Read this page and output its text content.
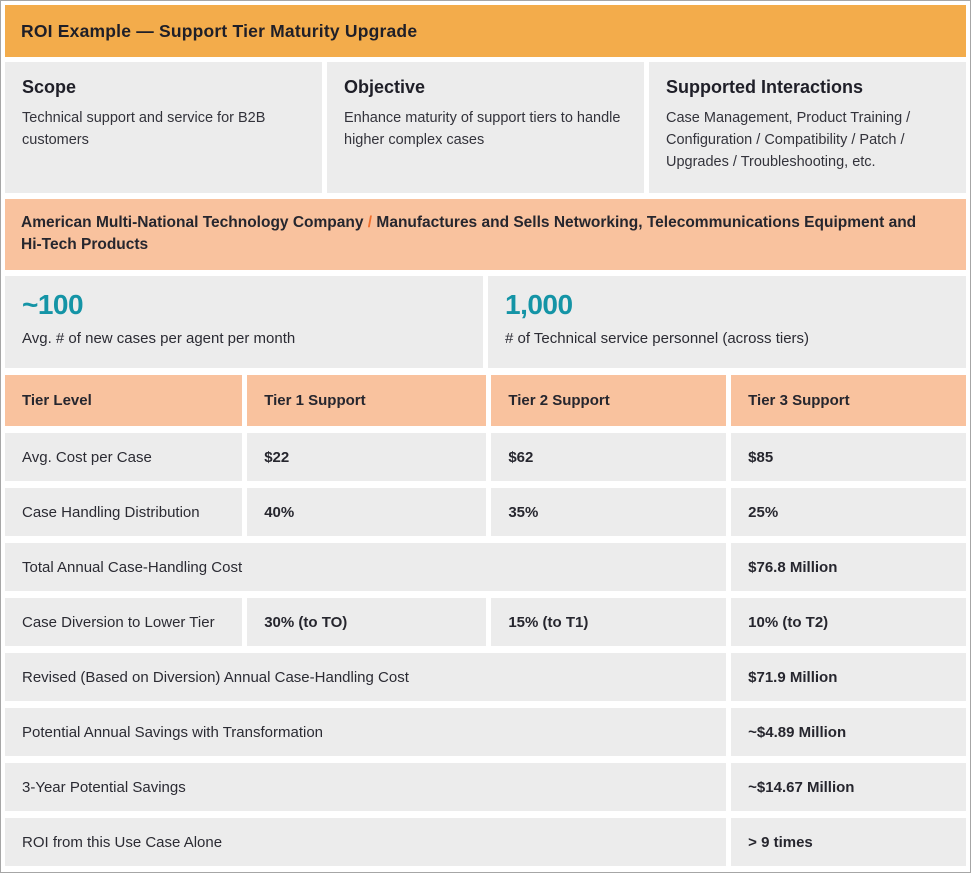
ROI Example — Support Tier Maturity Upgrade
Scope
Technical support and service for B2B customers
Objective
Enhance maturity of support tiers to handle higher complex cases
Supported Interactions
Case Management, Product Training / Configuration / Compatibility / Patch / Upgrades / Troubleshooting, etc.
American Multi-National Technology Company / Manufactures and Sells Networking, Telecommunications Equipment and Hi-Tech Products
~100
Avg. # of new cases per agent per month
1,000
# of Technical service personnel (across tiers)
Tier Level	Tier 1 Support	Tier 2 Support	Tier 3 Support
Avg. Cost per Case	$22	$62	$85
Case Handling Distribution	40%	35%	25%
Total Annual Case-Handling Cost	$76.8 Million
Case Diversion to Lower Tier	30% (to TO)	15% (to T1)	10% (to T2)
Revised (Based on Diversion) Annual Case-Handling Cost	$71.9 Million
Potential Annual Savings with Transformation	~$4.89 Million
3-Year Potential Savings	~$14.67 Million
ROI from this Use Case Alone	> 9 times
